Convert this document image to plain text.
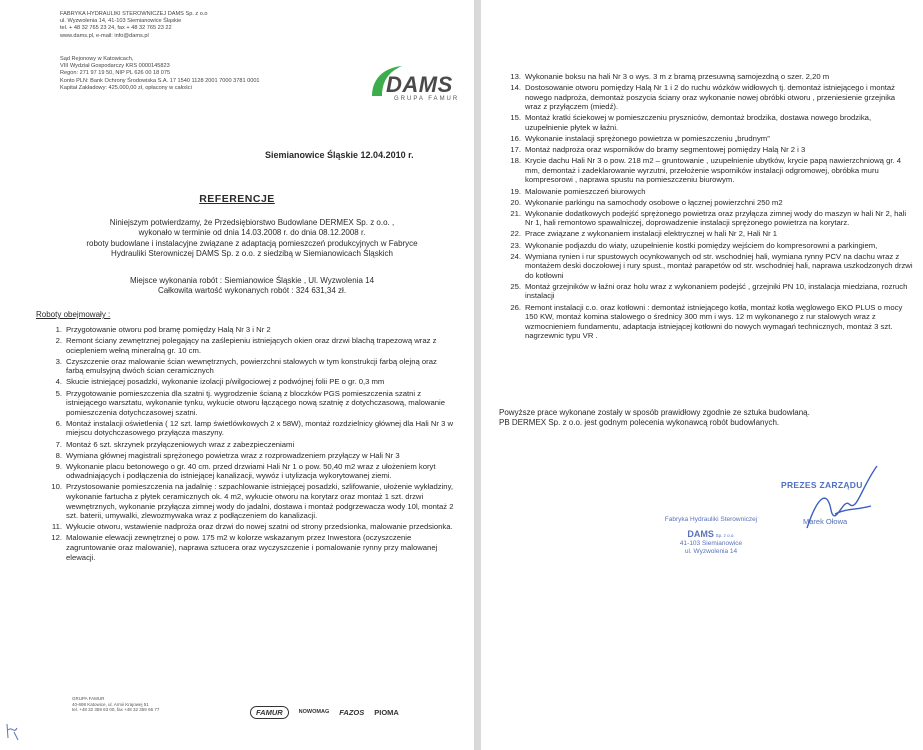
FABRYKA HYDRAULIKI STEROWNICZEJ DAMS Sp. z o.o
ul. Wyzwolenia 14, 41-103 Siemianowice Śląskie
tel. + 48 32 765 23 24, fax + 48 32 765 23 22
www.dams.pl, e-mail: info@dams.pl
Sąd Rejonowy w Katowicach,
VIII Wydział Gospodarczy KRS 0000145823
Regon: 271 97 19 50, NIP PL 626 00 18 075
Konto PLN: Bank Ochrony Środowiska S.A. 17 1540 1128 2001 7000 3781 0001
Kapitał Zakładowy: 425.000,00 zł, opłacony w całości	DAMS
GRUPA FAMUR
Siemianowice Śląskie 12.04.2010 r.
REFERENCJE

Niniejszym potwierdzamy, że Przedsiębiorstwo Budowlane DERMEX Sp. z o.o. ,

wykonało w terminie od dnia 14.03.2008 r. do dnia 08.12.2008 r.

roboty budowlane i instalacyjne związane z adaptacją pomieszczeń produkcyjnych w Fabryce

Hydrauliki Sterowniczej DAMS Sp. z o.o. z siedzibą w Siemianowicach Śląskich

Miejsce wykonania robót : Siemianowice Śląskie , Ul. Wyzwolenia 14

Całkowita wartość wykonanych robót : 324 631,34 zł.

Roboty obejmowały :
1. Przygotowanie otworu pod bramę pomiędzy Halą Nr 3 i Nr 2
2. Remont ściany zewnętrznej polegający na zaślepieniu istniejących okien oraz drzwi blachą trapezową wraz z ociepleniem wełną mineralną gr. 10 cm.
3. Czyszczenie oraz malowanie ścian wewnętrznych, powierzchni stalowych w tym konstrukcji farbą olejną oraz farbą emulsyjną dwóch ścian ceramicznych
4. Skucie istniejącej posadzki, wykonanie izolacji p/wilgociowej z podwójnej folii PE o gr. 0,3 mm
5. Przygotowanie pomieszczenia dla szatni tj. wygrodzenie ścianą z bloczków PGS pomieszczenia szatni z istniejącego warsztatu, wykonanie tynku, wykucie otworu łączącego nową szatnię z dotychczasową, malowanie pomieszczenia dotychczasowej szatni.
6. Montaż instalacji oświetlenia ( 12 szt. lamp świetlówkowych 2 x 58W), montaż rozdzielnicy głównej dla Hali Nr 3 w miejscu dotychczasowego przyłącza maszyny.
7. Montaż 6 szt. skrzynek przyłączeniowych wraz z zabezpieczeniami
8. Wymiana głównej magistrali sprężonego powietrza wraz z rozprowadzeniem przyłączy w Hali Nr 3
9. Wykonanie placu betonowego o gr. 40 cm. przed drzwiami Hali Nr 1 o pow. 50,40 m2 wraz z ułożeniem koryt odwadniających i podłączenia do istniejącej kanalizacji, wywóz i utylizacja wykorytowanej ziemi.
10. Przystosowanie pomieszczenia na jadalnię : szpachlowanie istniejącej posadzki, szlifowanie, ułożenie wykładziny, wykonanie fartucha z płytek ceramicznych ok. 4 m2, wykucie otworu na korytarz oraz montaż 1 szt. drzwi wewnętrznych, wykonanie przyłącza zimnej wody do jadalni, dostawa i montaż podgrzewacza wody 10l, montaż 2 szt. baterii, umywalki, zlewozmywaka wraz z podłączeniem do kanalizacji.
11. Wykucie otworu, wstawienie nadproża oraz drzwi do nowej szatni od strony przedsionka, malowanie przedsionka.
12. Malowanie elewacji zewnętrznej o pow. 175 m2 w kolorze wskazanym przez Inwestora (oczyszczenie zagruntowanie oraz malowanie), naprawa sztucera oraz wyczyszczenie i pomalowanie rynny przy malowanej elewacji.
GRUPA FAMUR
40-698 Katowice, ul. Armii Krajowej 51
tel. +48 32 359 63 00, fax +48 32 359 66 77	FAMUR	NOWOMAG FAZOS PIOMA
13. Wykonanie boksu na hali Nr 3 o wys. 3 m z bramą przesuwną samojezdną o szer. 2,20 m
14. Dostosowanie otworu pomiędzy Halą Nr 1 i 2 do ruchu wózków widłowych tj. demontaż istniejącego i montaż nowego nadproża, demontaż poszycia ściany oraz wykonanie nowej obróbki otworu , przeniesienie grzejnika wraz z przyłączem (miedź).
15. Montaż kratki ściekowej w pomieszczeniu pryszniców, demontaż brodzika, dostawa nowego brodzika, uzupełnienie płytek w łaźni.
16. Wykonanie instalacji sprężonego powietrza w pomieszczeniu „brudnym”
17. Montaż nadproża oraz wsporników do bramy segmentowej pomiędzy Halą Nr 2 i 3
18. Krycie dachu Hali Nr 3 o pow. 218 m2 – gruntowanie , uzupełnienie ubytków, krycie papą nawierzchniową gr. 4 mm, demontaż i zadeklarowanie wyrzutni, przełożenie wsporników instalacji odgromowej, obróbka muru kompresorowi , naprawa spustu na pomieszczeniu biurowym.
19. Malowanie pomieszczeń biurowych
20. Wykonanie parkingu na samochody osobowe o łącznej powierzchni 250 m2
21. Wykonanie dodatkowych podejść sprężonego powietrza oraz przyłącza zimnej wody do maszyn w hali Nr 2, hali Nr 1, hali remontowo spawalniczej, doprowadzenie instalacji sprężonego powietrza na korytarz.
22. Prace związane z wykonaniem instalacji elektrycznej w hali Nr 2, Hali Nr 1
23. Wykonanie podjazdu do wiaty, uzupełnienie kostki pomiędzy wejściem do kompresorowni a parkingiem,
24. Wymiana rynien i rur spustowych ocynkowanych od str. wschodniej hali, wymiana rynny PCV na dachu wraz z montażem deski doczołowej i rury spust., montaż parapetów od str. wschodniej hali, naprawa uszkodzonych drzwi do kotłowni
25. Montaż grzejników w łaźni oraz holu wraz z wykonaniem podejść , grzejniki PN 10, instalacja miedziana, rozruch instalacji
26. Remont instalacji c.o. oraz kotłowni : demontaż istniejącego kotła, montaż kotła węglowego EKO PLUS o mocy 150 KW, montaż komina stalowego o średnicy 300 mm i wys. 12 m wykonanego z rur stalowych wraz z wzmocnieniem fundamentu, adaptacja istniejącej kotłowni do nowych wymagań technicznych, montaż 3 szt. nagrzewnic typu VR .

Powyższe prace wykonane zostały w sposób prawidłowy zgodnie ze sztuka budowlaną.

PB DERMEX Sp. z o.o. jest godnym polecenia wykonawcą robót budowlanych.

PREZES ZARZĄDU
Marek Ołowa
Fabryka Hydrauliki Sterowniczej
DAMS Sp. z o.o.
41-103 Siemianowice
ul. Wyzwolenia 14
